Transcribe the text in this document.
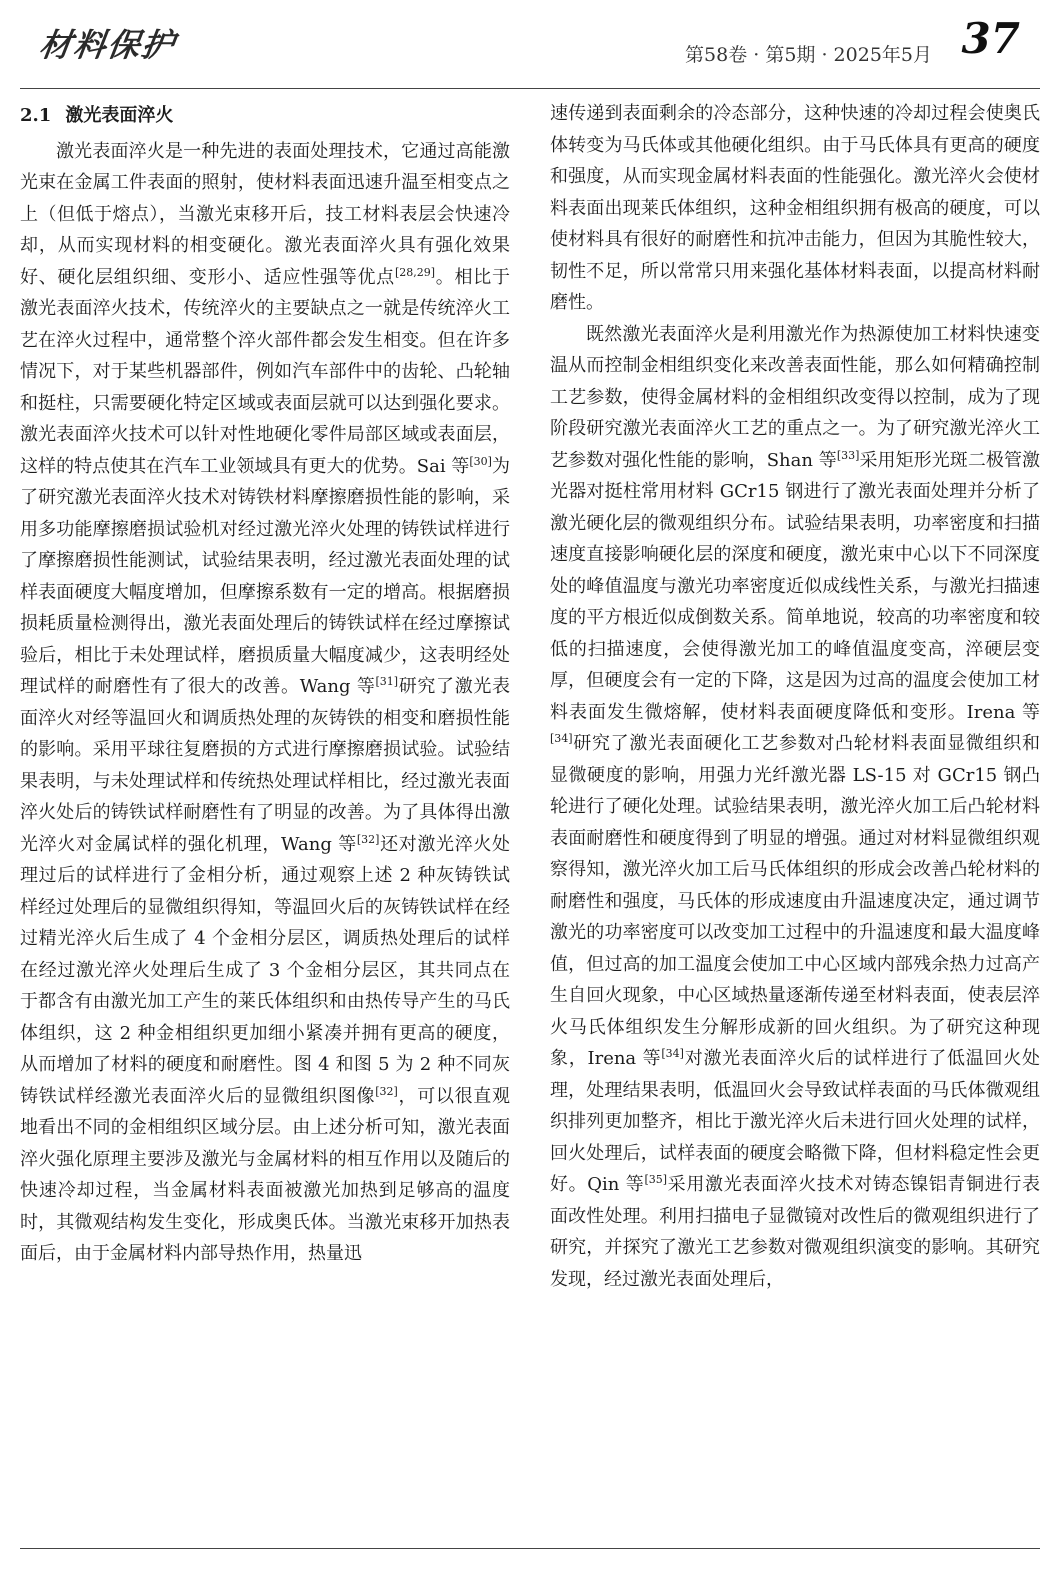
材料保护	第58卷 · 第5期 · 2025年5月 37
2.1 激光表面淬火

激光表面淬火是一种先进的表面处理技术，它通过高能激光束在金属工件表面的照射，使材料表面迅速升温至相变点之上（但低于熔点），当激光束移开后，技工材料表层会快速冷却，从而实现材料的相变硬化。激光表面淬火具有强化效果好、硬化层组织细、变形小、适应性强等优点[28,29]。相比于激光表面淬火技术，传统淬火的主要缺点之一就是传统淬火工艺在淬火过程中，通常整个淬火部件都会发生相变。但在许多情况下，对于某些机器部件，例如汽车部件中的齿轮、凸轮轴和挺柱，只需要硬化特定区域或表面层就可以达到强化要求。激光表面淬火技术可以针对性地硬化零件局部区域或表面层，这样的特点使其在汽车工业领域具有更大的优势。Sai 等[30]为了研究激光表面淬火技术对铸铁材料摩擦磨损性能的影响，采用多功能摩擦磨损试验机对经过激光淬火处理的铸铁试样进行了摩擦磨损性能测试，试验结果表明，经过激光表面处理的试样表面硬度大幅度增加，但摩擦系数有一定的增高。根据磨损损耗质量检测得出，激光表面处理后的铸铁试样在经过摩擦试验后，相比于未处理试样，磨损质量大幅度减少，这表明经处理试样的耐磨性有了很大的改善。Wang 等[31]研究了激光表面淬火对经等温回火和调质热处理的灰铸铁的相变和磨损性能的影响。采用平球往复磨损的方式进行摩擦磨损试验。试验结果表明，与未处理试样和传统热处理试样相比，经过激光表面淬火处后的铸铁试样耐磨性有了明显的改善。为了具体得出激光淬火对金属试样的强化机理，Wang 等[32]还对激光淬火处理过后的试样进行了金相分析，通过观察上述 2 种灰铸铁试样经过处理后的显微组织得知，等温回火后的灰铸铁试样在经过精光淬火后生成了 4 个金相分层区，调质热处理后的试样在经过激光淬火处理后生成了 3 个金相分层区，其共同点在于都含有由激光加工产生的莱氏体组织和由热传导产生的马氏体组织，这 2 种金相组织更加细小紧凑并拥有更高的硬度，从而增加了材料的硬度和耐磨性。图 4 和图 5 为 2 种不同灰铸铁试样经激光表面淬火后的显微组织图像[32]，可以很直观地看出不同的金相组织区域分层。由上述分析可知，激光表面淬火强化原理主要涉及激光与金属材料的相互作用以及随后的快速冷却过程，当金属材料表面被激光加热到足够高的温度时，其微观结构发生变化，形成奥氏体。当激光束移开加热表面后，由于金属材料内部导热作用，热量迅

速传递到表面剩余的冷态部分，这种快速的冷却过程会使奥氏体转变为马氏体或其他硬化组织。由于马氏体具有更高的硬度和强度，从而实现金属材料表面的性能强化。激光淬火会使材料表面出现莱氏体组织，这种金相组织拥有极高的硬度，可以使材料具有很好的耐磨性和抗冲击能力，但因为其脆性较大，韧性不足，所以常常只用来强化基体材料表面，以提高材料耐磨性。

既然激光表面淬火是利用激光作为热源使加工材料快速变温从而控制金相组织变化来改善表面性能，那么如何精确控制工艺参数，使得金属材料的金相组织改变得以控制，成为了现阶段研究激光表面淬火工艺的重点之一。为了研究激光淬火工艺参数对强化性能的影响，Shan 等[33]采用矩形光斑二极管激光器对挺柱常用材料 GCr15 钢进行了激光表面处理并分析了激光硬化层的微观组织分布。试验结果表明，功率密度和扫描速度直接影响硬化层的深度和硬度，激光束中心以下不同深度处的峰值温度与激光功率密度近似成线性关系，与激光扫描速度的平方根近似成倒数关系。简单地说，较高的功率密度和较低的扫描速度，会使得激光加工的峰值温度变高，淬硬层变厚，但硬度会有一定的下降，这是因为过高的温度会使加工材料表面发生微熔解，使材料表面硬度降低和变形。Irena 等[34]研究了激光表面硬化工艺参数对凸轮材料表面显微组织和显微硬度的影响，用强力光纤激光器 LS-15 对 GCr15 钢凸轮进行了硬化处理。试验结果表明，激光淬火加工后凸轮材料表面耐磨性和硬度得到了明显的增强。通过对材料显微组织观察得知，激光淬火加工后马氏体组织的形成会改善凸轮材料的耐磨性和强度，马氏体的形成速度由升温速度决定，通过调节激光的功率密度可以改变加工过程中的升温速度和最大温度峰值，但过高的加工温度会使加工中心区域内部残余热力过高产生自回火现象，中心区域热量逐渐传递至材料表面，使表层淬火马氏体组织发生分解形成新的回火组织。为了研究这种现象，Irena 等[34]对激光表面淬火后的试样进行了低温回火处理，处理结果表明，低温回火会导致试样表面的马氏体微观组织排列更加整齐，相比于激光淬火后未进行回火处理的试样，回火处理后，试样表面的硬度会略微下降，但材料稳定性会更好。Qin 等[35]采用激光表面淬火技术对铸态镍铝青铜进行表面改性处理。利用扫描电子显微镜对改性后的微观组织进行了研究，并探究了激光工艺参数对微观组织演变的影响。其研究发现，经过激光表面处理后，
